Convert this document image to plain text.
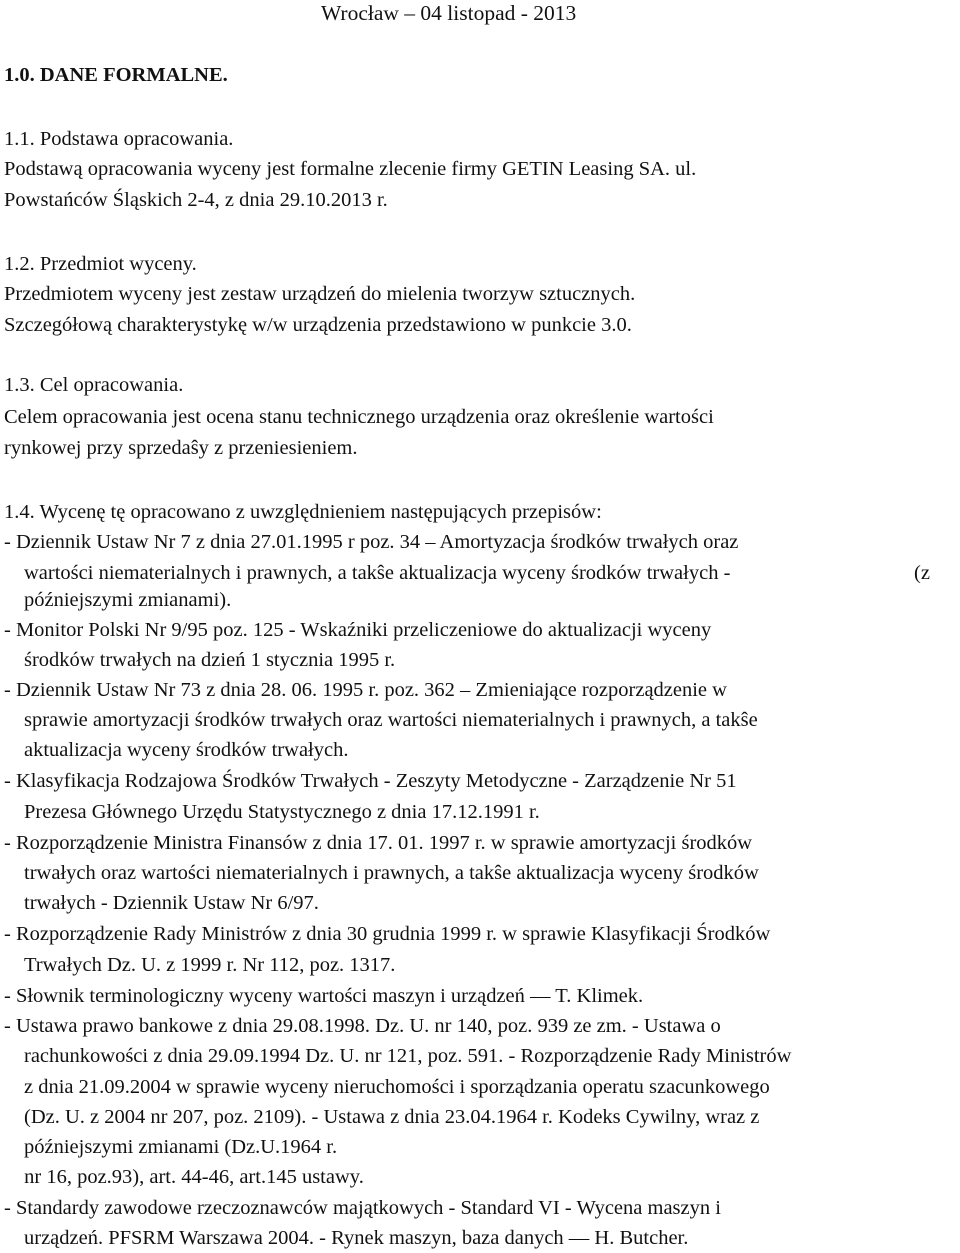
Wrocław – 04 listopad - 2013
1.0. DANE FORMALNE.
1.1. Podstawa opracowania.
Podstawą opracowania wyceny jest formalne zlecenie firmy GETIN Leasing SA. ul.
Powstańców Śląskich 2-4, z dnia 29.10.2013 r.
1.2. Przedmiot wyceny.
Przedmiotem wyceny jest zestaw urządzeń do mielenia tworzyw sztucznych.
Szczegółową charakterystykę w/w urządzenia przedstawiono w punkcie 3.0.
1.3. Cel opracowania.
Celem opracowania jest ocena stanu technicznego urządzenia oraz określenie wartości
rynkowej przy sprzedaŝy z przeniesieniem.
1.4. Wycenę tę opracowano z uwzględnieniem następujących przepisów:
- Dziennik Ustaw Nr 7 z dnia 27.01.1995 r poz. 34 – Amortyzacja środków trwałych oraz
wartości niematerialnych i prawnych, a takŝe aktualizacja wyceny środków trwałych -	(z
późniejszymi zmianami).
- Monitor Polski Nr 9/95 poz. 125 - Wskaźniki przeliczeniowe do aktualizacji wyceny
środków trwałych na dzień 1 stycznia 1995 r.
- Dziennik Ustaw Nr 73 z dnia 28. 06. 1995 r. poz. 362 – Zmieniające rozporządzenie w
sprawie amortyzacji środków trwałych oraz wartości niematerialnych i prawnych, a takŝe
aktualizacja wyceny środków trwałych.
- Klasyfikacja Rodzajowa Środków Trwałych - Zeszyty Metodyczne - Zarządzenie Nr 51
Prezesa Głównego Urzędu Statystycznego z dnia 17.12.1991 r.
- Rozporządzenie Ministra Finansów z dnia 17. 01. 1997 r. w sprawie amortyzacji środków
trwałych oraz wartości niematerialnych i prawnych, a takŝe aktualizacja wyceny środków
trwałych - Dziennik Ustaw Nr 6/97.
- Rozporządzenie Rady Ministrów z dnia 30 grudnia 1999 r. w sprawie Klasyfikacji Środków
Trwałych Dz. U. z 1999 r. Nr 112, poz. 1317.
- Słownik terminologiczny wyceny wartości maszyn i urządzeń — T. Klimek.
- Ustawa prawo bankowe z dnia 29.08.1998. Dz. U. nr 140, poz. 939 ze zm. - Ustawa o
rachunkowości z dnia 29.09.1994 Dz. U. nr 121, poz. 591. - Rozporządzenie Rady Ministrów
z dnia 21.09.2004 w sprawie wyceny nieruchomości i sporządzania operatu szacunkowego
(Dz. U. z 2004 nr 207, poz. 2109). - Ustawa z dnia 23.04.1964 r. Kodeks Cywilny, wraz z
późniejszymi zmianami (Dz.U.1964 r.
nr 16, poz.93), art. 44-46, art.145 ustawy.
- Standardy zawodowe rzeczoznawców majątkowych - Standard VI - Wycena maszyn i
urządzeń. PFSRM Warszawa 2004. - Rynek maszyn, baza danych — H. Butcher.
